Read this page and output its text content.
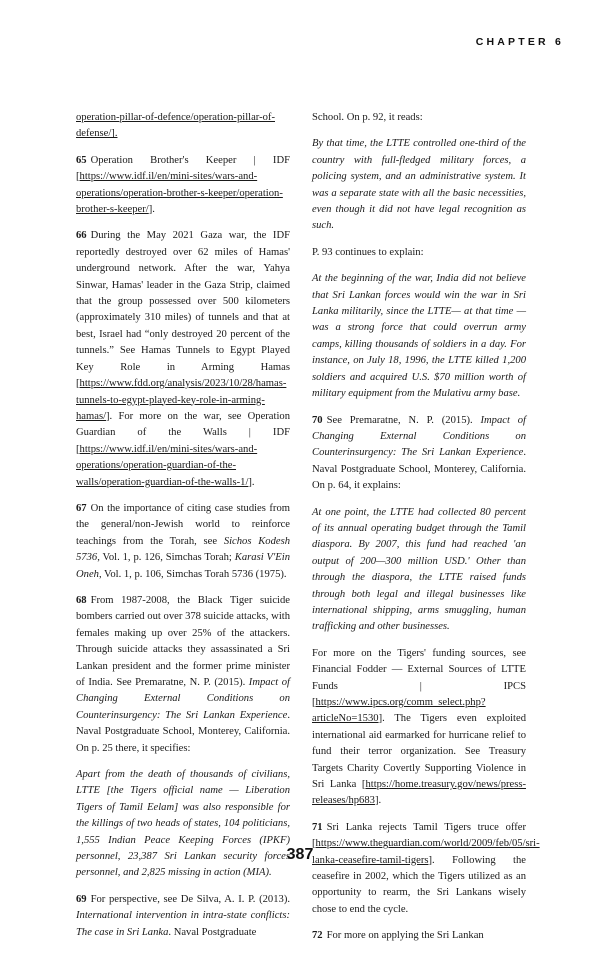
CHAPTER 6

operation-pillar-of-defence/operation-pillar-of-defense/].

65 Operation Brother's Keeper | IDF [https://www.idf.il/en/mini-sites/wars-and-operations/operation-brother-s-keeper/operation-brother-s-keeper/].

66 During the May 2021 Gaza war, the IDF reportedly destroyed over 62 miles of Hamas' underground network. After the war, Yahya Sinwar, Hamas' leader in the Gaza Strip, claimed that the group possessed over 500 kilometers (approximately 310 miles) of tunnels and that at best, Israel had “only destroyed 20 percent of the tunnels.” See Hamas Tunnels to Egypt Played Key Role in Arming Hamas [https://www.fdd.org/analysis/2023/10/28/hamas-tunnels-to-egypt-played-key-role-in-arming-hamas/]. For more on the war, see Operation Guardian of the Walls | IDF [https://www.idf.il/en/mini-sites/wars-and-operations/operation-guardian-of-the-walls/operation-guardian-of-the-walls-1/].

67 On the importance of citing case studies from the general/non-Jewish world to reinforce teachings from the Torah, see Sichos Kodesh 5736, Vol. 1, p. 126, Simchas Torah; Karasi V'Ein Oneh, Vol. 1, p. 106, Simchas Torah 5736 (1975).

68 From 1987-2008, the Black Tiger suicide bombers carried out over 378 suicide attacks, with females making up over 25% of the attackers. Through suicide attacks they assassinated a Sri Lankan president and the former prime minister of India. See Premaratne, N. P. (2015). Impact of Changing External Conditions on Counterinsurgency: The Sri Lankan Experience. Naval Postgraduate School, Monterey, California. On p. 25 there, it specifies:

Apart from the death of thousands of civilians, LTTE [the Tigers official name — Liberation Tigers of Tamil Eelam] was also responsible for the killings of two heads of states, 104 politicians, 1,555 Indian Peace Keeping Forces (IPKF) personnel, 23,387 Sri Lankan security forces personnel, and 2,825 missing in action (MIA).

69 For perspective, see De Silva, A. I. P. (2013). International intervention in intra-state conflicts: The case in Sri Lanka. Naval Postgraduate

School. On p. 92, it reads:

By that time, the LTTE controlled one-third of the country with full-fledged military forces, a policing system, and an administrative system. It was a separate state with all the basic necessities, even though it did not have legal recognition as such.

P. 93 continues to explain:

At the beginning of the war, India did not believe that Sri Lankan forces would win the war in Sri Lanka militarily, since the LTTE— at that time — was a strong force that could overrun army camps, killing thousands of soldiers in a day. For instance, on July 18, 1996, the LTTE killed 1,200 soldiers and acquired U.S. $70 million worth of military equipment from the Mulativu army base.

70 See Premaratne, N. P. (2015). Impact of Changing External Conditions on Counterinsurgency: The Sri Lankan Experience. Naval Postgraduate School, Monterey, California. On p. 64, it explains:

At one point, the LTTE had collected 80 percent of its annual operating budget through the Tamil diaspora. By 2007, this fund had reached 'an output of 200—300 million USD.' Other than through the diaspora, the LTTE raised funds through both legal and illegal businesses like international shipping, arms smuggling, human trafficking and other businesses.

For more on the Tigers' funding sources, see Financial Fodder — External Sources of LTTE Funds | IPCS [https://www.ipcs.org/comm_select.php?articleNo=1530]. The Tigers even exploited international aid earmarked for hurricane relief to fund their terror organization. See Treasury Targets Charity Covertly Supporting Violence in Sri Lanka [https://home.treasury.gov/news/press-releases/hp683].

71 Sri Lanka rejects Tamil Tigers truce offer [https://www.theguardian.com/world/2009/feb/05/sri-lanka-ceasefire-tamil-tigers]. Following the ceasefire in 2002, which the Tigers utilized as an opportunity to rearm, the Sri Lankans wisely chose to end the cycle.

72 For more on applying the Sri Lankan

387
